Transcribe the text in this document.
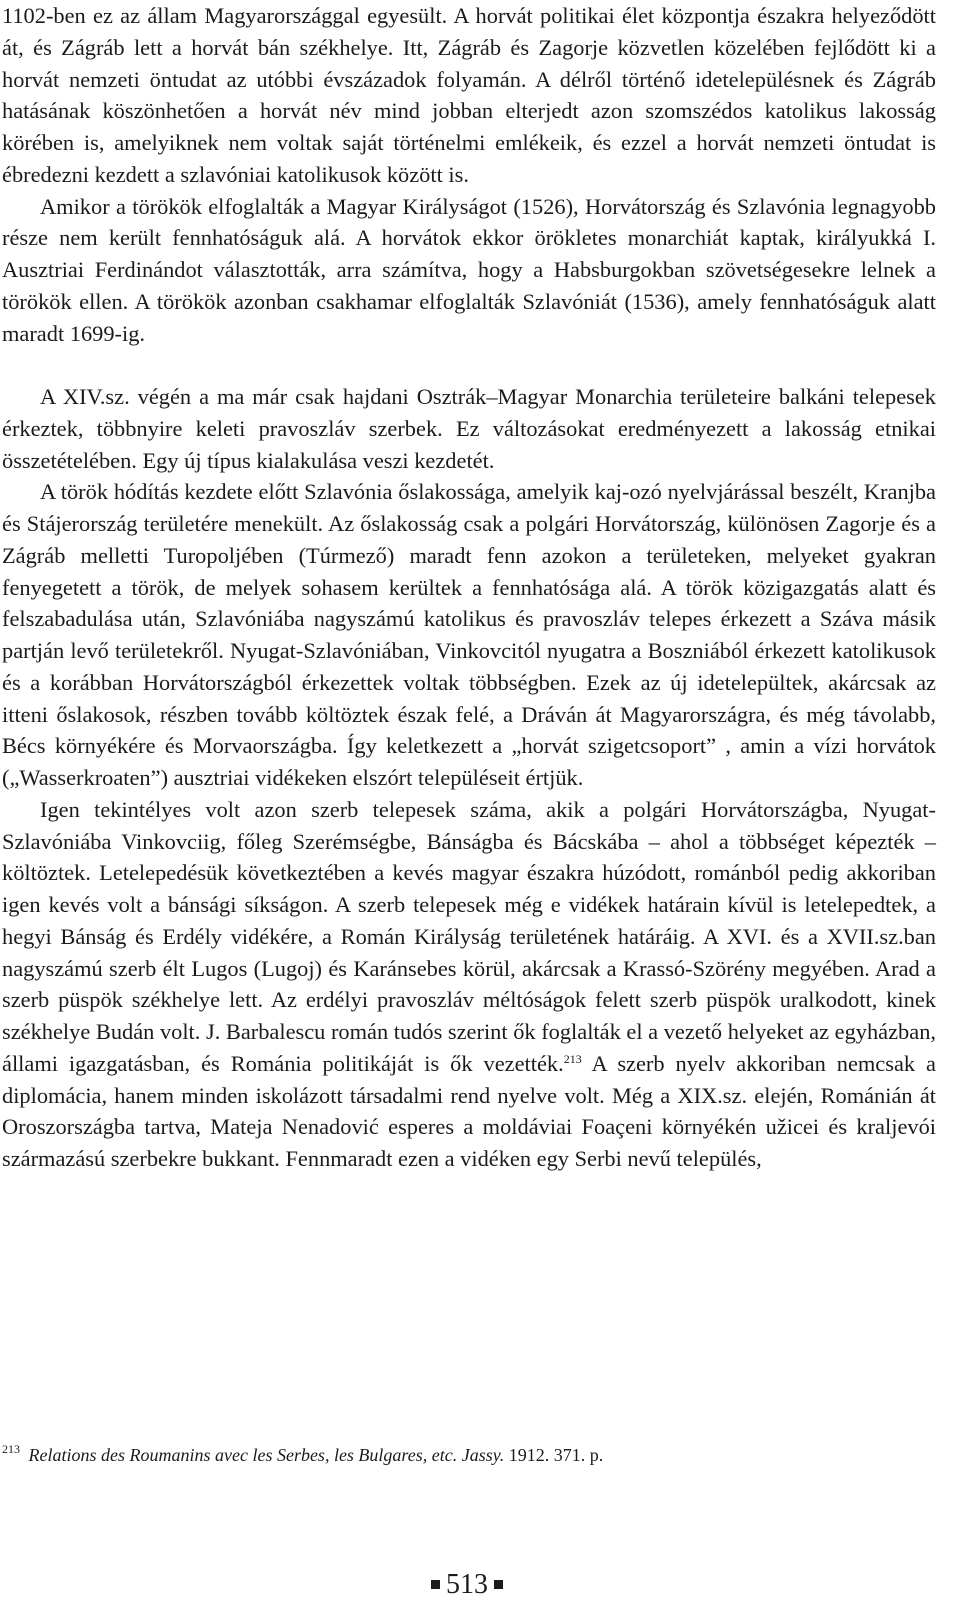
1102-ben ez az állam Magyarországgal egyesült. A horvát politikai élet központja északra helyeződött át, és Zágráb lett a horvát bán székhelye. Itt, Zágráb és Zagorje közvetlen közelében fejlődött ki a horvát nemzeti öntudat az utóbbi évszázadok folyamán. A délről történő idetelepülésnek és Zágráb hatásának köszönhetően a horvát név mind jobban elterjedt azon szomszédos katolikus lakosság körében is, amelyiknek nem voltak saját történelmi emlékeik, és ezzel a horvát nemzeti öntudat is ébredezni kezdett a szlavóniai katolikusok között is.

Amikor a törökök elfoglalták a Magyar Királyságot (1526), Horvátország és Szlavónia legnagyobb része nem került fennhatóságuk alá. A horvátok ekkor örökletes monarchiát kaptak, királyukká I. Ausztriai Ferdinándot választották, arra számítva, hogy a Habsburgokban szövetségesekre lelnek a törökök ellen. A törökök azonban csakhamar elfoglalták Szlavóniát (1536), amely fennhatóságuk alatt maradt 1699-ig.

A XIV.sz. végén a ma már csak hajdani Osztrák–Magyar Monarchia területeire balkáni telepesek érkeztek, többnyire keleti pravoszláv szerbek. Ez változásokat eredményezett a lakosság etnikai összetételében. Egy új típus kialakulása veszi kezdetét.

A török hódítás kezdete előtt Szlavónia őslakossága, amelyik kaj-ozó nyelvjárással beszélt, Kranjba és Stájerország területére menekült. Az őslakosság csak a polgári Horvátország, különösen Zagorje és a Zágráb melletti Turopoljében (Túrmező) maradt fenn azokon a területeken, melyeket gyakran fenyegetett a török, de melyek sohasem kerültek a fennhatósága alá. A török közigazgatás alatt és felszabadulása után, Szlavóniába nagyszámú katolikus és pravoszláv telepes érkezett a Száva másik partján levő területekről. Nyugat-Szlavóniában, Vinkovcitól nyugatra a Boszniából érkezett katolikusok és a korábban Horvátországból érkezettek voltak többségben. Ezek az új idetelepültek, akárcsak az itteni őslakosok, részben tovább költöztek észak felé, a Dráván át Magyarországra, és még távolabb, Bécs környékére és Morvaországba. Így keletkezett a „horvát szigetcsoport” , amin a vízi horvátok („Wasserkroaten”) ausztriai vidékeken elszórt településeit értjük.

Igen tekintélyes volt azon szerb telepesek száma, akik a polgári Horvátországba, Nyugat-Szlavóniába Vinkovciig, főleg Szerémségbe, Bánságba és Bácskába – ahol a többséget képezték – költöztek. Letelepedésük következtében a kevés magyar északra húzódott, románból pedig akkoriban igen kevés volt a bánsági síkságon. A szerb telepesek még e vidékek határain kívül is letelepedtek, a hegyi Bánság és Erdély vidékére, a Román Királyság területének határáig. A XVI. és a XVII.sz.ban nagyszámú szerb élt Lugos (Lugoj) és Karánsebes körül, akárcsak a Krassó-Szörény megyében. Arad a szerb püspök székhelye lett. Az erdélyi pravoszláv méltóságok felett szerb püspök uralkodott, kinek székhelye Budán volt. J. Barbalescu román tudós szerint ők foglalták el a vezető helyeket az egyházban, állami igazgatásban, és Románia politikáját is ők vezették.$^{213}$ A szerb nyelv akkoriban nemcsak a diplomácia, hanem minden iskolázott társadalmi rend nyelve volt. Még a XIX.sz. elején, Románián át Oroszországba tartva, Mateja Nenadović esperes a moldáviai Foaçeni környékén užicei és kraljevói származású szerbekre bukkant. Fennmaradt ezen a vidéken egy Serbi nevű település,

$^{213}$ Relations des Roumanins avec les Serbes, les Bulgares, etc. Jassy. 1912. 371. p.
513
